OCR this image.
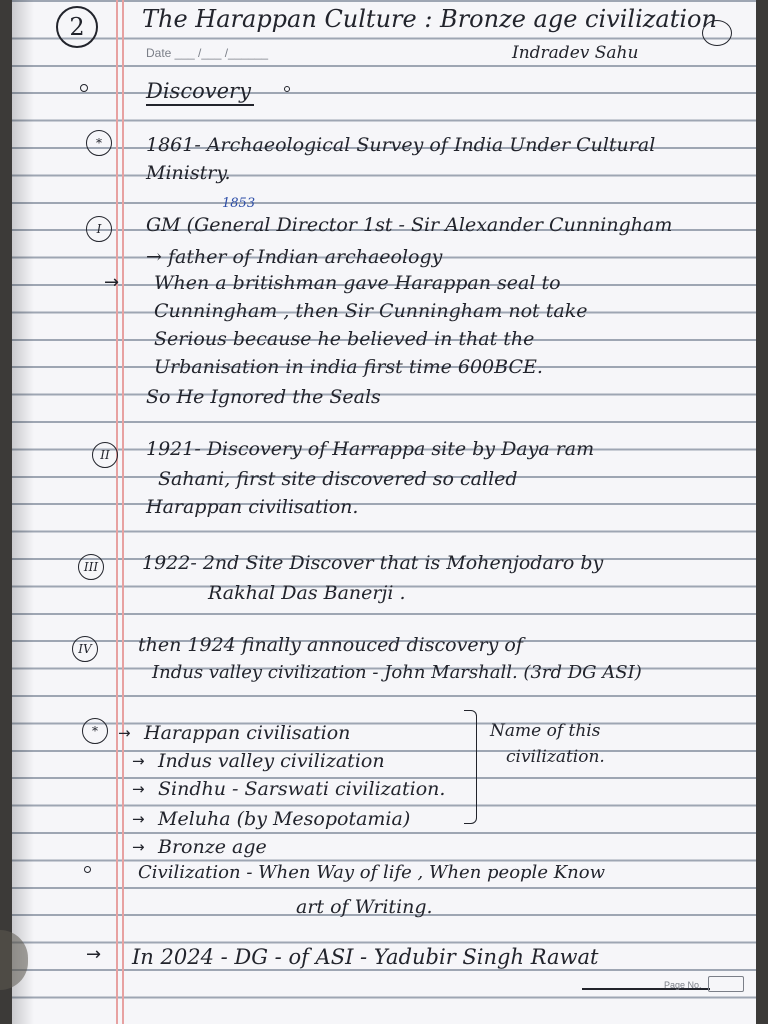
2	The Harappan Culture : Bronze age civilization
Date ___ /___ /______	Indradev Sahu
Discovery
*	1861- Archaeological Survey of India Under Cultural
Ministry.
1853
I	GM (General Director 1st - Sir Alexander Cunningham
→ father of Indian archaeology
→ When a britishman gave Harappan seal to
Cunningham , then Sir Cunningham not take
Serious because he believed in that the
Urbanisation in india first time 600BCE.
So He Ignored the Seals
II	1921- Discovery of Harrappa site by Daya ram
Sahani, first site discovered so called
Harappan civilisation.
III	1922- 2nd Site Discover that is Mohenjodaro by
Rakhal Das Banerji .
IV	then 1924 finally annouced discovery of
Indus valley civilization - John Marshall. (3rd DG ASI)
*	→ Harappan civilisation
→ Indus valley civilization
→ Sindhu - Sarswati civilization.
→ Meluha (by Mesopotamia)
→ Bronze age
Name of this
civilization.
Civilization - When Way of life , When people Know
art of Writing.
→ In 2024 - DG - of ASI - Yadubir Singh Rawat
Page No.
